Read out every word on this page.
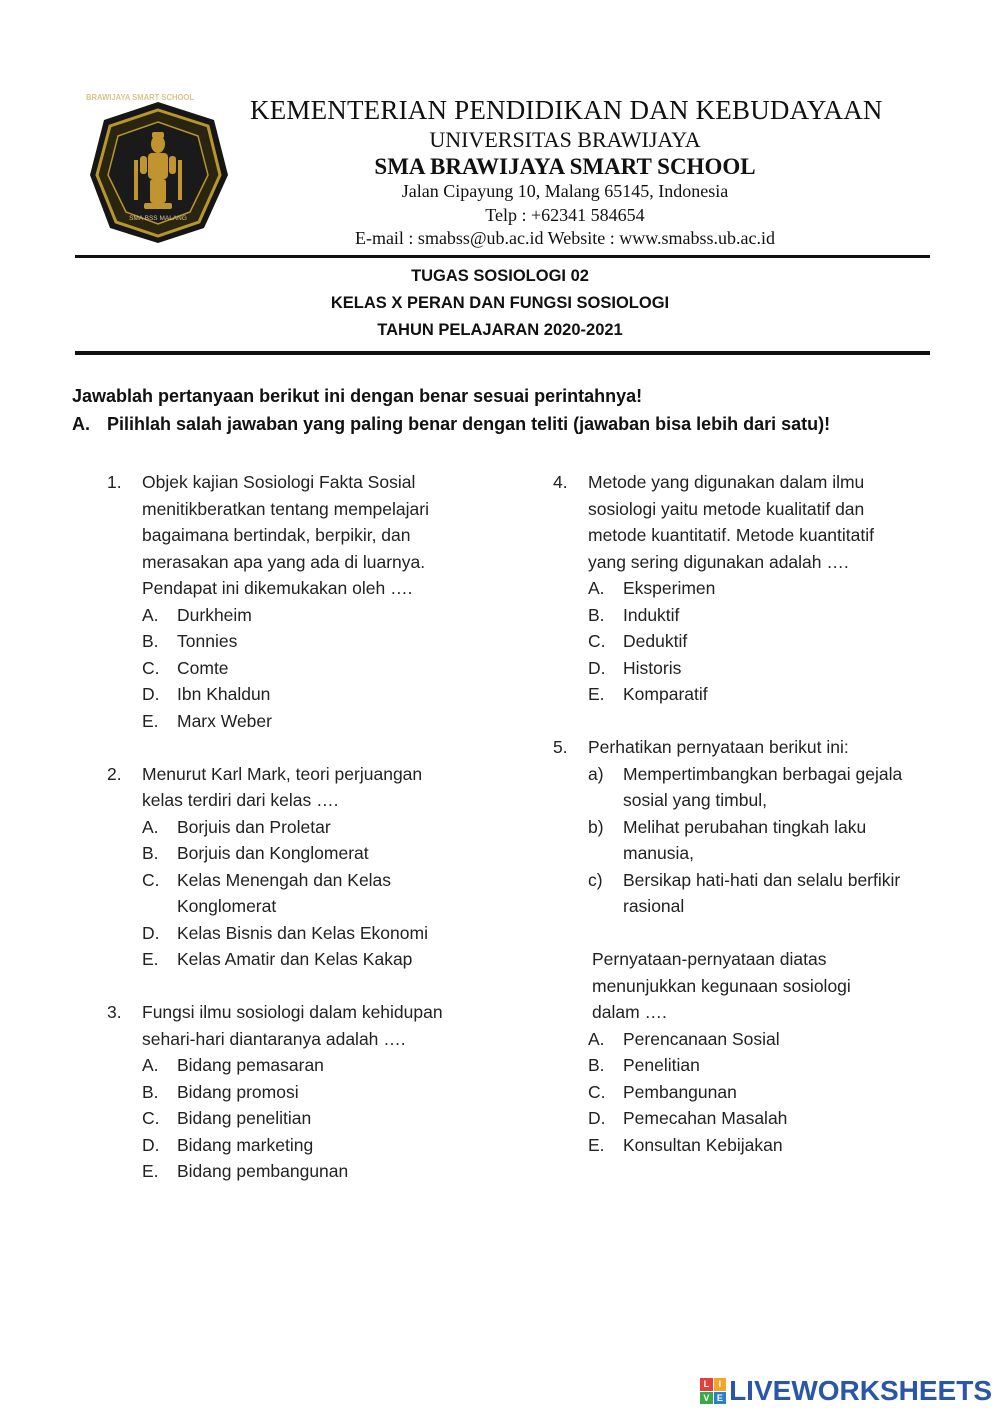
BRAWIJAYA SMART SCHOOL
SMA BSS MALANG
KEMENTERIAN PENDIDIKAN DAN KEBUDAYAAN
UNIVERSITAS BRAWIJAYA
SMA BRAWIJAYA SMART SCHOOL
Jalan Cipayung 10, Malang 65145, Indonesia
Telp : +62341 584654
E-mail : smabss@ub.ac.id Website : www.smabss.ub.ac.id
TUGAS SOSIOLOGI 02
KELAS X PERAN DAN FUNGSI SOSIOLOGI
TAHUN PELAJARAN 2020-2021
Jawablah pertanyaan berikut ini dengan benar sesuai perintahnya!
A. Pilihlah salah jawaban yang paling benar dengan teliti (jawaban bisa lebih dari satu)!
1. Objek kajian Sosiologi Fakta Sosial
menitikberatkan tentang mempelajari
bagaimana bertindak, berpikir, dan
merasakan apa yang ada di luarnya.
Pendapat ini dikemukakan oleh ….
A. Durkheim
B. Tonnies
C. Comte
D. Ibn Khaldun
E. Marx Weber
2. Menurut Karl Mark, teori perjuangan
kelas terdiri dari kelas ….
A. Borjuis dan Proletar
B. Borjuis dan Konglomerat
C. Kelas Menengah dan Kelas Konglomerat
D. Kelas Bisnis dan Kelas Ekonomi
E. Kelas Amatir dan Kelas Kakap
3. Fungsi ilmu sosiologi dalam kehidupan
sehari-hari diantaranya adalah ….
A. Bidang pemasaran
B. Bidang promosi
C. Bidang penelitian
D. Bidang marketing
E. Bidang pembangunan
4. Metode yang digunakan dalam ilmu
sosiologi yaitu metode kualitatif dan
metode kuantitatif. Metode kuantitatif
yang sering digunakan adalah ….
A. Eksperimen
B. Induktif
C. Deduktif
D. Historis
E. Komparatif
5. Perhatikan pernyataan berikut ini:
a) Mempertimbangkan berbagai gejala
sosial yang timbul,
b) Melihat perubahan tingkah laku
manusia,
c) Bersikap hati-hati dan selalu berfikir
rasional
Pernyataan-pernyataan diatas
menunjukkan kegunaan sosiologi
dalam ….
A. Perencanaan Sosial
B. Penelitian
C. Pembangunan
D. Pemecahan Masalah
E. Konsultan Kebijakan
L	I
V E LIVEWORKSHEETS
